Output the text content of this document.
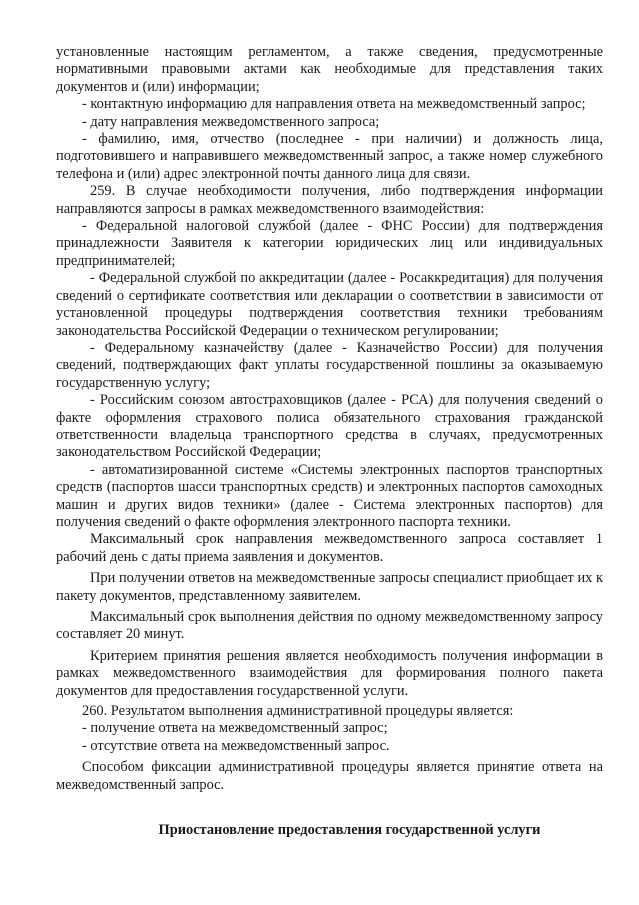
установленные настоящим регламентом, а также сведения, предусмотренные нормативными правовыми актами как необходимые для представления таких документов и (или) информации;

- контактную информацию для направления ответа на межведомственный запрос;

- дату направления межведомственного запроса;

- фамилию, имя, отчество (последнее - при наличии) и должность лица, подготовившего и направившего межведомственный запрос, а также номер служебного телефона и (или) адрес электронной почты данного лица для связи.

259. В случае необходимости получения, либо подтверждения информации направляются запросы в рамках межведомственного взаимодействия:

- Федеральной налоговой службой (далее - ФНС России) для подтверждения принадлежности Заявителя к категории юридических лиц или индивидуальных предпринимателей;

- Федеральной службой по аккредитации (далее - Росаккредитация) для получения сведений о сертификате соответствия или декларации о соответствии в зависимости от установленной процедуры подтверждения соответствия техники требованиям законодательства Российской Федерации о техническом регулировании;

- Федеральному казначейству (далее - Казначейство России) для получения сведений, подтверждающих факт уплаты государственной пошлины за оказываемую государственную услугу;

- Российским союзом автостраховщиков (далее - РСА) для получения сведений о факте оформления страхового полиса обязательного страхования гражданской ответственности владельца транспортного средства в случаях, предусмотренных законодательством Российской Федерации;

- автоматизированной системе «Системы электронных паспортов транспортных средств (паспортов шасси транспортных средств) и электронных паспортов самоходных машин и других видов техники» (далее - Система электронных паспортов) для получения сведений о факте оформления электронного паспорта техники.

Максимальный срок направления межведомственного запроса составляет 1 рабочий день с даты приема заявления и документов.

При получении ответов на межведомственные запросы специалист приобщает их к пакету документов, представленному заявителем.

Максимальный срок выполнения действия по одному межведомственному запросу составляет 20 минут.

Критерием принятия решения является необходимость получения информации в рамках межведомственного взаимодействия для формирования полного пакета документов для предоставления государственной услуги.

260. Результатом выполнения административной процедуры является:

- получение ответа на межведомственный запрос;

- отсутствие ответа на межведомственный запрос.

Способом фиксации административной процедуры является принятие ответа на межведомственный запрос.

Приостановление предоставления государственной услуги
